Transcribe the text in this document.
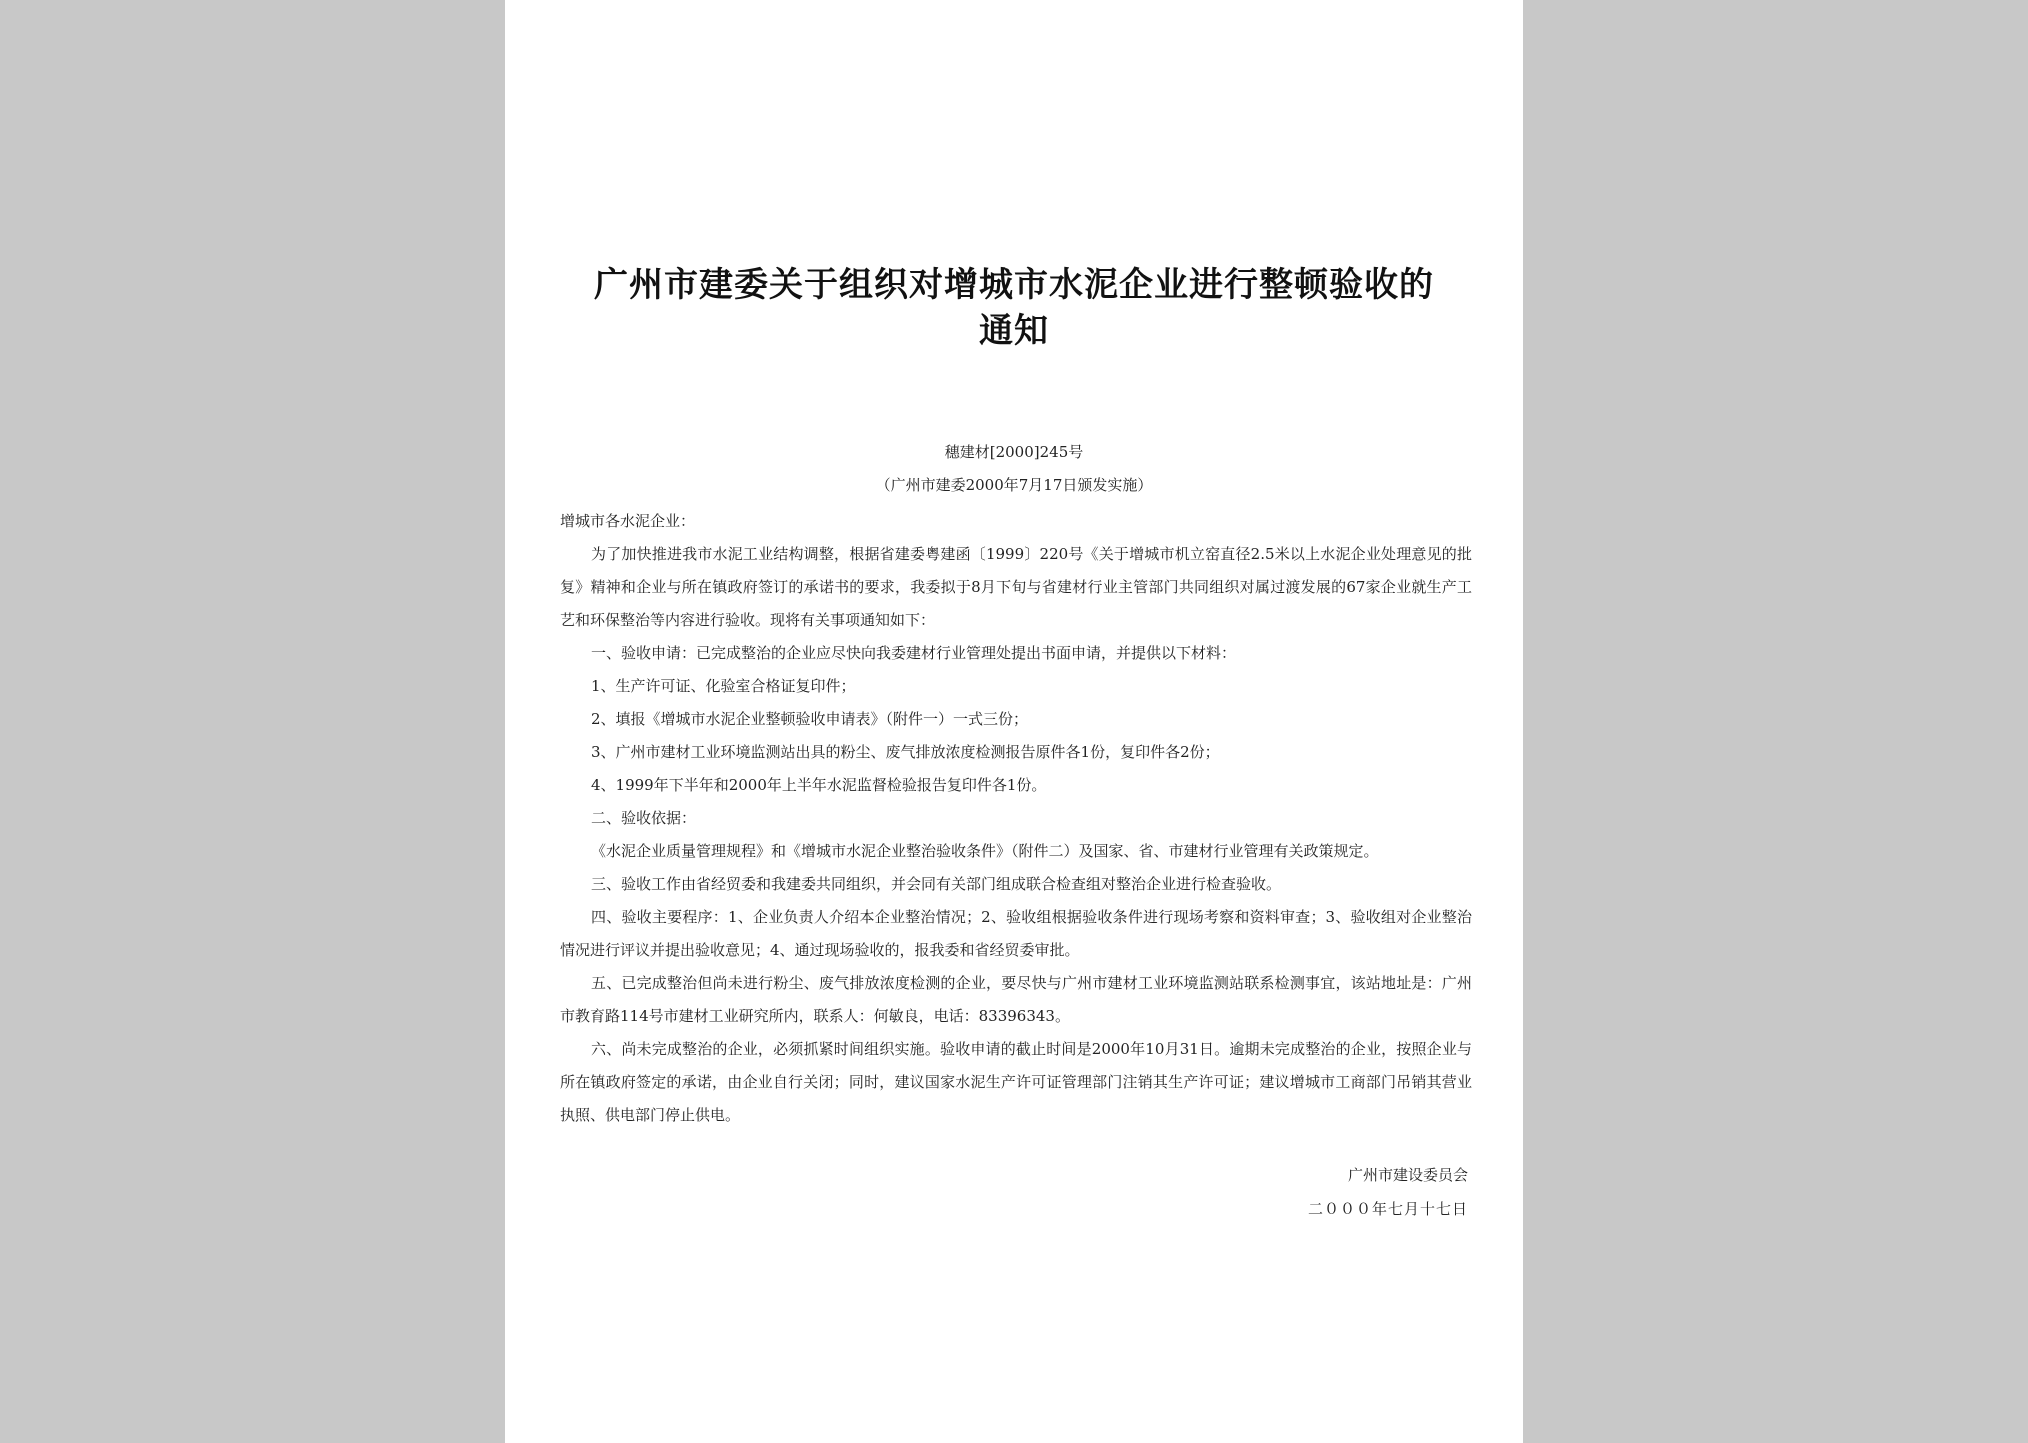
广州市建委关于组织对增城市水泥企业进行整顿验收的
通知
穗建材[2000]245号
（广州市建委2000年7月17日颁发实施）

增城市各水泥企业：

为了加快推进我市水泥工业结构调整，根据省建委粤建函〔1999〕220号《关于增城市机立窑直径2.5米以上水泥企业处理意见的批复》精神和企业与所在镇政府签订的承诺书的要求，我委拟于8月下旬与省建材行业主管部门共同组织对属过渡发展的67家企业就生产工艺和环保整治等内容进行验收。现将有关事项通知如下：

一、验收申请：已完成整治的企业应尽快向我委建材行业管理处提出书面申请，并提供以下材料：

1、生产许可证、化验室合格证复印件；

2、填报《增城市水泥企业整顿验收申请表》（附件一）一式三份；

3、广州市建材工业环境监测站出具的粉尘、废气排放浓度检测报告原件各1份，复印件各2份；

4、1999年下半年和2000年上半年水泥监督检验报告复印件各1份。

二、验收依据：

《水泥企业质量管理规程》和《增城市水泥企业整治验收条件》（附件二）及国家、省、市建材行业管理有关政策规定。

三、验收工作由省经贸委和我建委共同组织，并会同有关部门组成联合检查组对整治企业进行检查验收。

四、验收主要程序：1、企业负责人介绍本企业整治情况；2、验收组根据验收条件进行现场考察和资料审查；3、验收组对企业整治情况进行评议并提出验收意见；4、通过现场验收的，报我委和省经贸委审批。

五、已完成整治但尚未进行粉尘、废气排放浓度检测的企业，要尽快与广州市建材工业环境监测站联系检测事宜，该站地址是：广州市教育路114号市建材工业研究所内，联系人：何敏良，电话：83396343。

六、尚未完成整治的企业，必须抓紧时间组织实施。验收申请的截止时间是2000年10月31日。逾期未完成整治的企业，按照企业与所在镇政府签定的承诺，由企业自行关闭；同时，建议国家水泥生产许可证管理部门注销其生产许可证；建议增城市工商部门吊销其营业执照、供电部门停止供电。

广州市建设委员会
二０００年七月十七日
